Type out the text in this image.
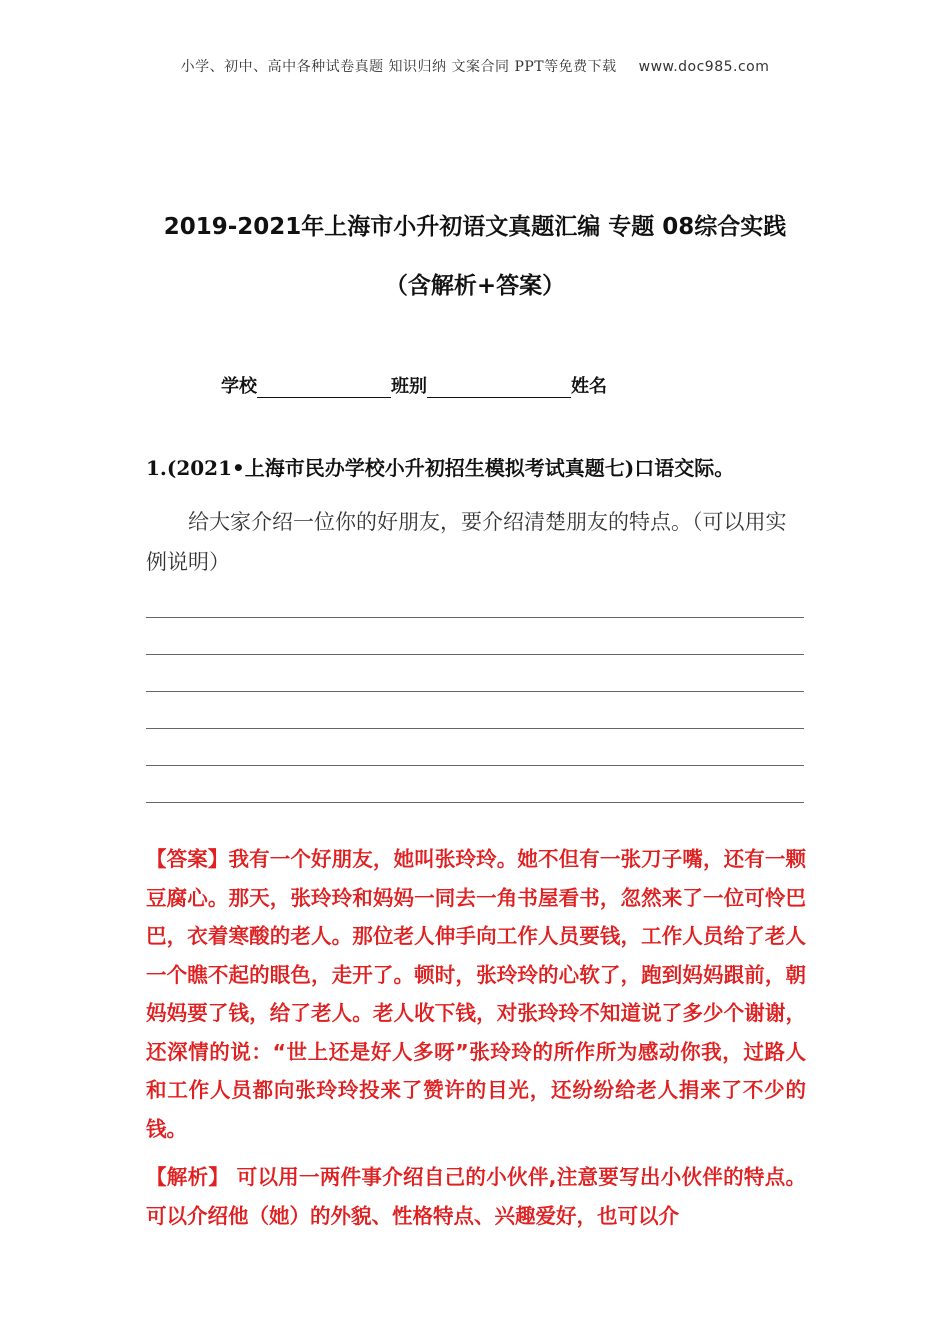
小学、初中、高中各种试卷真题 知识归纳 文案合同 PPT等免费下载 www.doc985.com
2019-2021年上海市小升初语文真题汇编 专题 08综合实践
（含解析+答案）
学校	班别	姓名
1.(2021•上海市民办学校小升初招生模拟考试真题七)口语交际。
给大家介绍一位你的好朋友，要介绍清楚朋友的特点。（可以用实例说明）
【答案】我有一个好朋友，她叫张玲玲。她不但有一张刀子嘴，还有一颗豆腐心。那天，张玲玲和妈妈一同去一角书屋看书，忽然来了一位可怜巴巴，衣着寒酸的老人。那位老人伸手向工作人员要钱，工作人员给了老人一个瞧不起的眼色，走开了。顿时，张玲玲的心软了，跑到妈妈跟前，朝妈妈要了钱，给了老人。老人收下钱，对张玲玲不知道说了多少个谢谢，还深情的说：“世上还是好人多呀”张玲玲的所作所为感动你我，过路人和工作人员都向张玲玲投来了赞许的目光，还纷纷给老人捐来了不少的钱。
【解析】 可以用一两件事介绍自己的小伙伴,注意要写出小伙伴的特点。可以介绍他（她）的外貌、性格特点、兴趣爱好，也可以介
